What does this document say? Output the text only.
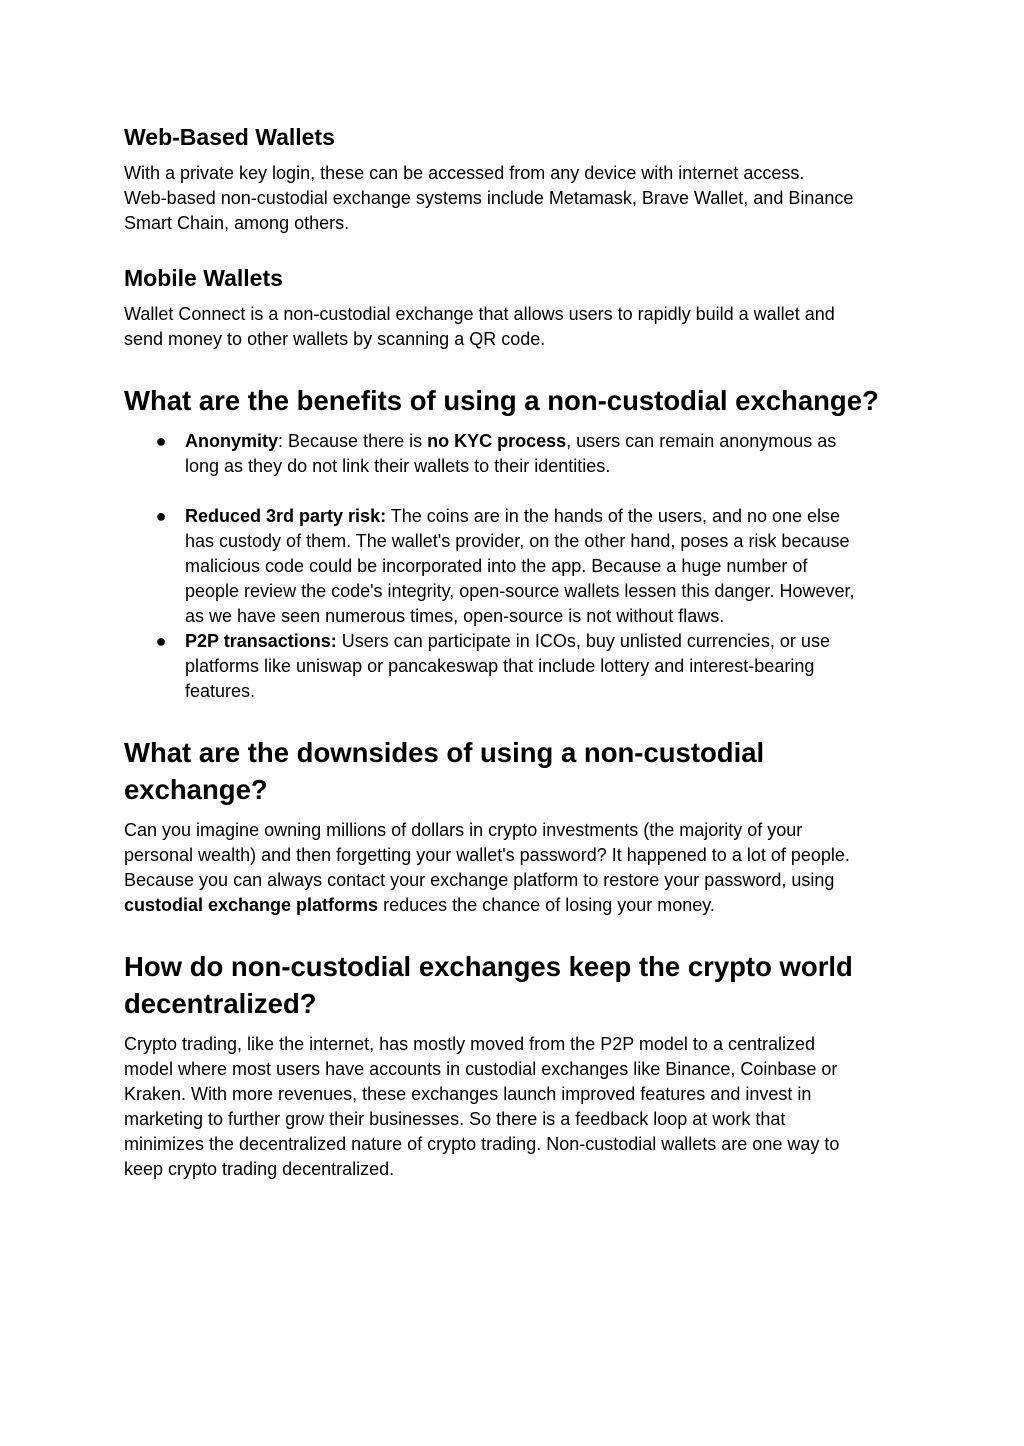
Web-Based Wallets
With a private key login, these can be accessed from any device with internet access.
Web-based non-custodial exchange systems include Metamask, Brave Wallet, and Binance
Smart Chain, among others.
Mobile Wallets
Wallet Connect is a non-custodial exchange that allows users to rapidly build a wallet and
send money to other wallets by scanning a QR code.
What are the benefits of using a non-custodial exchange?
● Anonymity: Because there is no KYC process, users can remain anonymous as
long as they do not link their wallets to their identities.
● Reduced 3rd party risk: The coins are in the hands of the users, and no one else
has custody of them. The wallet's provider, on the other hand, poses a risk because
malicious code could be incorporated into the app. Because a huge number of
people review the code's integrity, open-source wallets lessen this danger. However,
as we have seen numerous times, open-source is not without flaws.
● P2P transactions: Users can participate in ICOs, buy unlisted currencies, or use
platforms like uniswap or pancakeswap that include lottery and interest-bearing
features.
What are the downsides of using a non-custodial
exchange?
Can you imagine owning millions of dollars in crypto investments (the majority of your
personal wealth) and then forgetting your wallet's password? It happened to a lot of people.
Because you can always contact your exchange platform to restore your password, using
custodial exchange platforms reduces the chance of losing your money.
How do non-custodial exchanges keep the crypto world
decentralized?
Crypto trading, like the internet, has mostly moved from the P2P model to a centralized
model where most users have accounts in custodial exchanges like Binance, Coinbase or
Kraken. With more revenues, these exchanges launch improved features and invest in
marketing to further grow their businesses. So there is a feedback loop at work that
minimizes the decentralized nature of crypto trading. Non-custodial wallets are one way to
keep crypto trading decentralized.
